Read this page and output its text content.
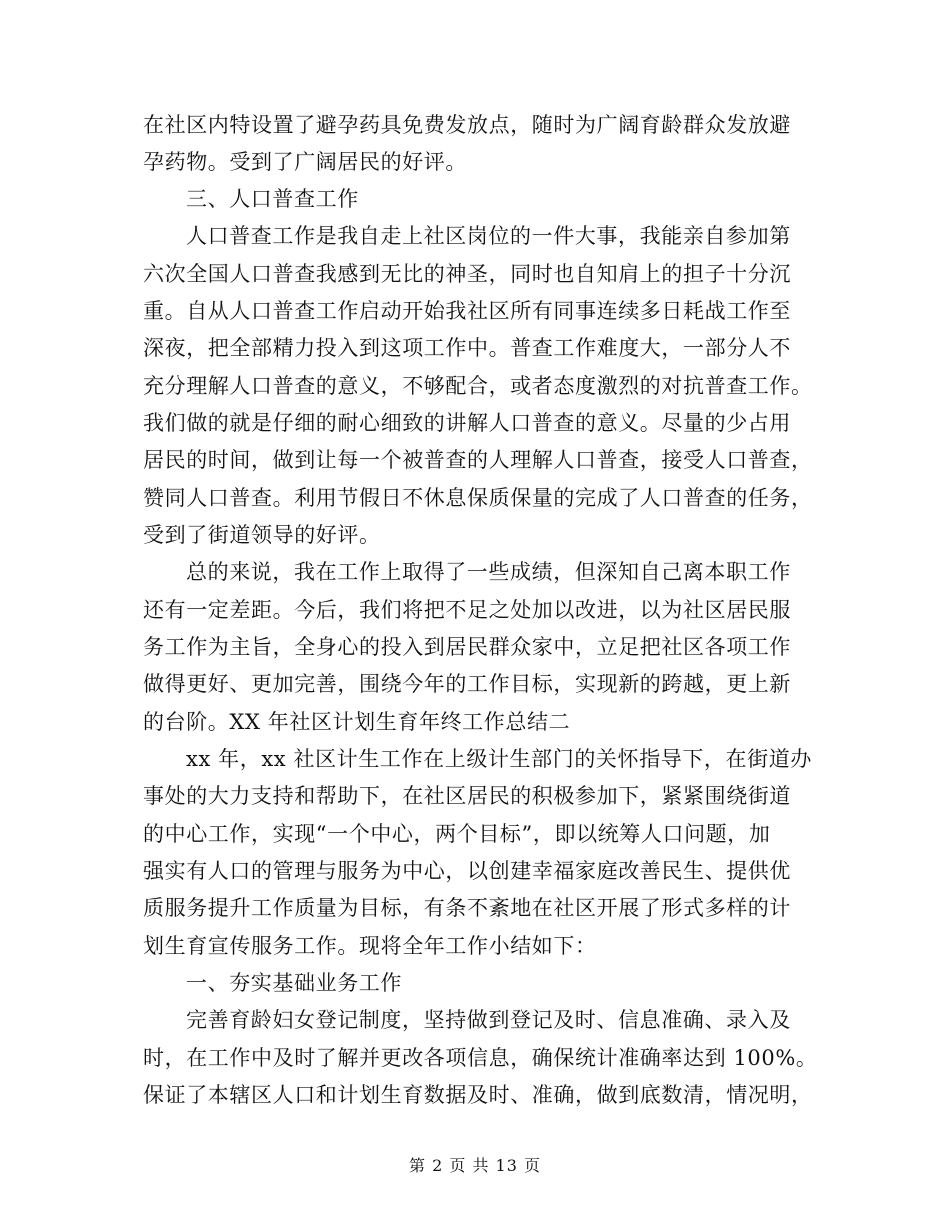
在社区内特设置了避孕药具免费发放点，随时为广阔育龄群众发放避
孕药物。受到了广阔居民的好评。
三、人口普查工作
人口普查工作是我自走上社区岗位的一件大事，我能亲自参加第
六次全国人口普查我感到无比的神圣，同时也自知肩上的担子十分沉
重。自从人口普查工作启动开始我社区所有同事连续多日耗战工作至
深夜，把全部精力投入到这项工作中。普查工作难度大，一部分人不
充分理解人口普查的意义，不够配合，或者态度激烈的对抗普查工作。
我们做的就是仔细的耐心细致的讲解人口普查的意义。尽量的少占用
居民的时间，做到让每一个被普查的人理解人口普查，接受人口普查，
赞同人口普查。利用节假日不休息保质保量的完成了人口普查的任务，
受到了街道领导的好评。
总的来说，我在工作上取得了一些成绩，但深知自己离本职工作
还有一定差距。今后，我们将把不足之处加以改进，以为社区居民服
务工作为主旨，全身心的投入到居民群众家中，立足把社区各项工作
做得更好、更加完善，围绕今年的工作目标，实现新的跨越，更上新
的台阶。XX 年社区计划生育年终工作总结二
xx 年，xx 社区计生工作在上级计生部门的关怀指导下，在街道办
事处的大力支持和帮助下，在社区居民的积极参加下，紧紧围绕街道
的中心工作，实现“一个中心，两个目标”，即以统筹人口问题，加
强实有人口的管理与服务为中心，以创建幸福家庭改善民生、提供优
质服务提升工作质量为目标，有条不紊地在社区开展了形式多样的计
划生育宣传服务工作。现将全年工作小结如下：
一、夯实基础业务工作
完善育龄妇女登记制度，坚持做到登记及时、信息准确、录入及
时，在工作中及时了解并更改各项信息，确保统计准确率达到 100%。
保证了本辖区人口和计划生育数据及时、准确，做到底数清，情况明，
第 2 页 共 13 页
